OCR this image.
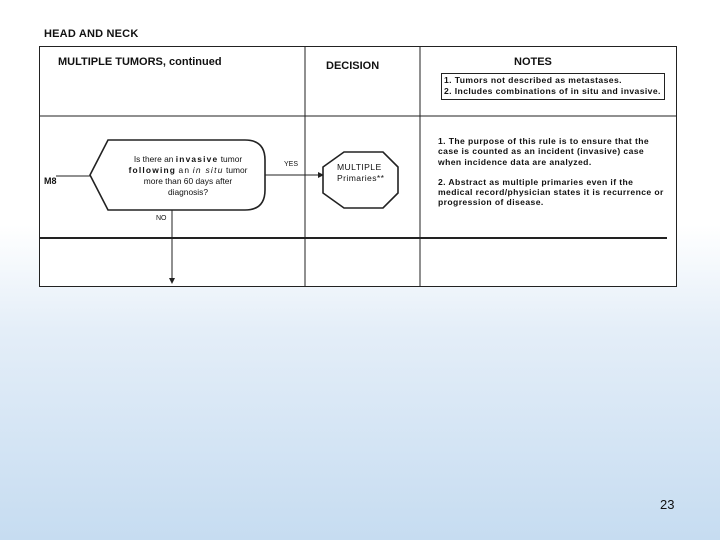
HEAD AND NECK
MULTIPLE TUMORS, continued	DECISION	NOTES
1. Tumors not described as metastases.
2. Includes combinations of in situ and invasive.
M8
Is there an invasive tumor
following an in situ tumor
more than 60 days after
diagnosis?
YES
NO
MULTIPLE
Primaries**
1. The purpose of this rule is to ensure that the case is counted as an incident (invasive) case when incidence data are analyzed.
2. Abstract as multiple primaries even if the medical record/physician states it is recurrence or progression of disease.
23
